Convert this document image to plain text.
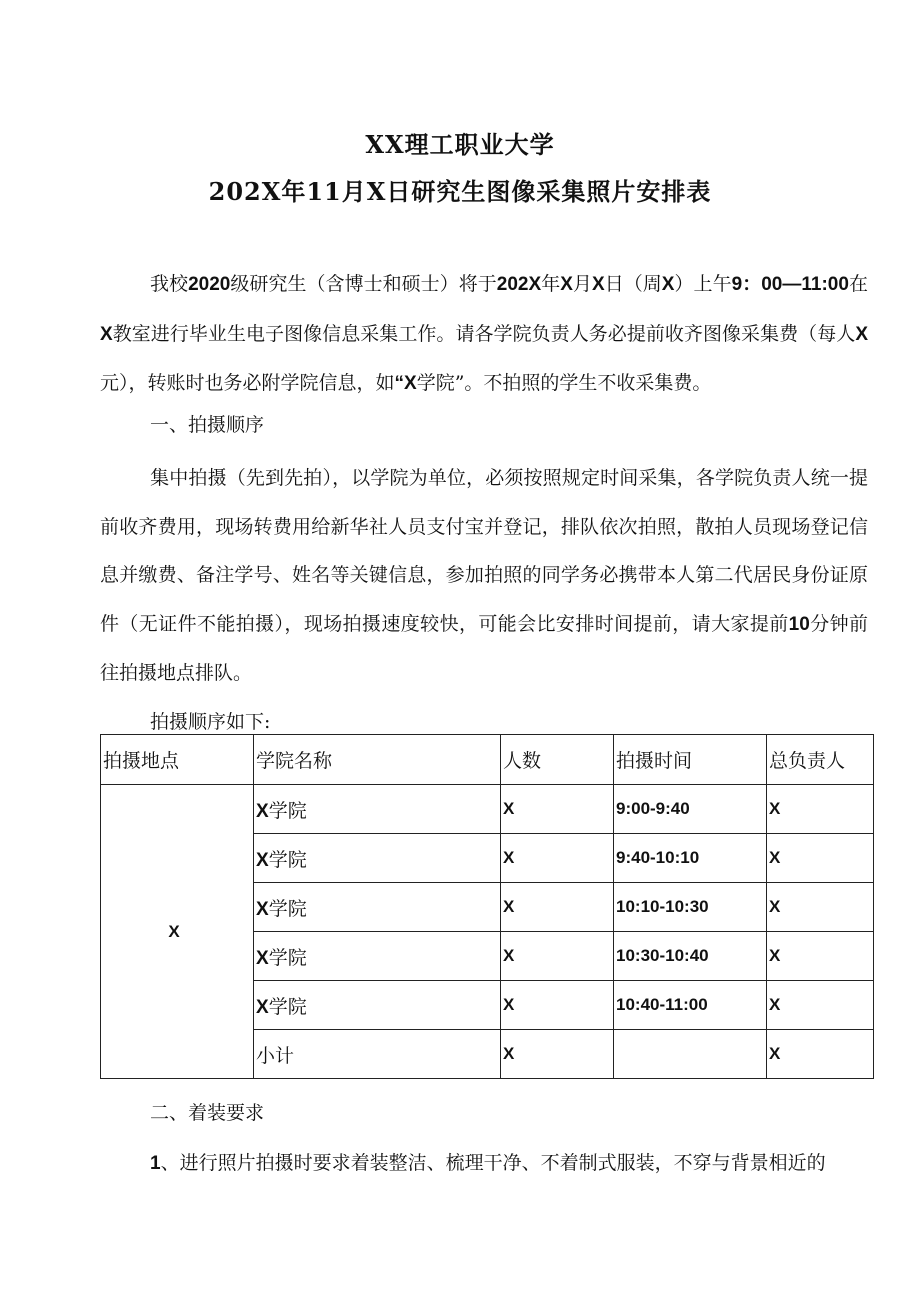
XX理工职业大学
202X年11月X日研究生图像采集照片安排表
我校2020级研究生（含博士和硕士）将于202X年X月X日（周X）上午9：00—11:00在X教室进行毕业生电子图像信息采集工作。请各学院负责人务必提前收齐图像采集费（每人X元），转账时也务必附学院信息，如“X学院”。不拍照的学生不收采集费。
一、拍摄顺序
集中拍摄（先到先拍），以学院为单位，必须按照规定时间采集，各学院负责人统一提前收齐费用，现场转费用给新华社人员支付宝并登记，排队依次拍照，散拍人员现场登记信息并缴费、备注学号、姓名等关键信息，参加拍照的同学务必携带本人第二代居民身份证原件（无证件不能拍摄），现场拍摄速度较快，可能会比安排时间提前，请大家提前10分钟前往拍摄地点排队。
拍摄顺序如下:
拍摄地点	学院名称	人数	拍摄时间	总负责人
X	X学院	X	9:00-9:40	X
	X学院	X	9:40-10:10	X
	X学院	X	10:10-10:30	X
	X学院	X	10:30-10:40	X
	X学院	X	10:40-11:00	X
	小计	X		X
二、着装要求
1、进行照片拍摄时要求着装整洁、梳理干净、不着制式服装，不穿与背景相近的
